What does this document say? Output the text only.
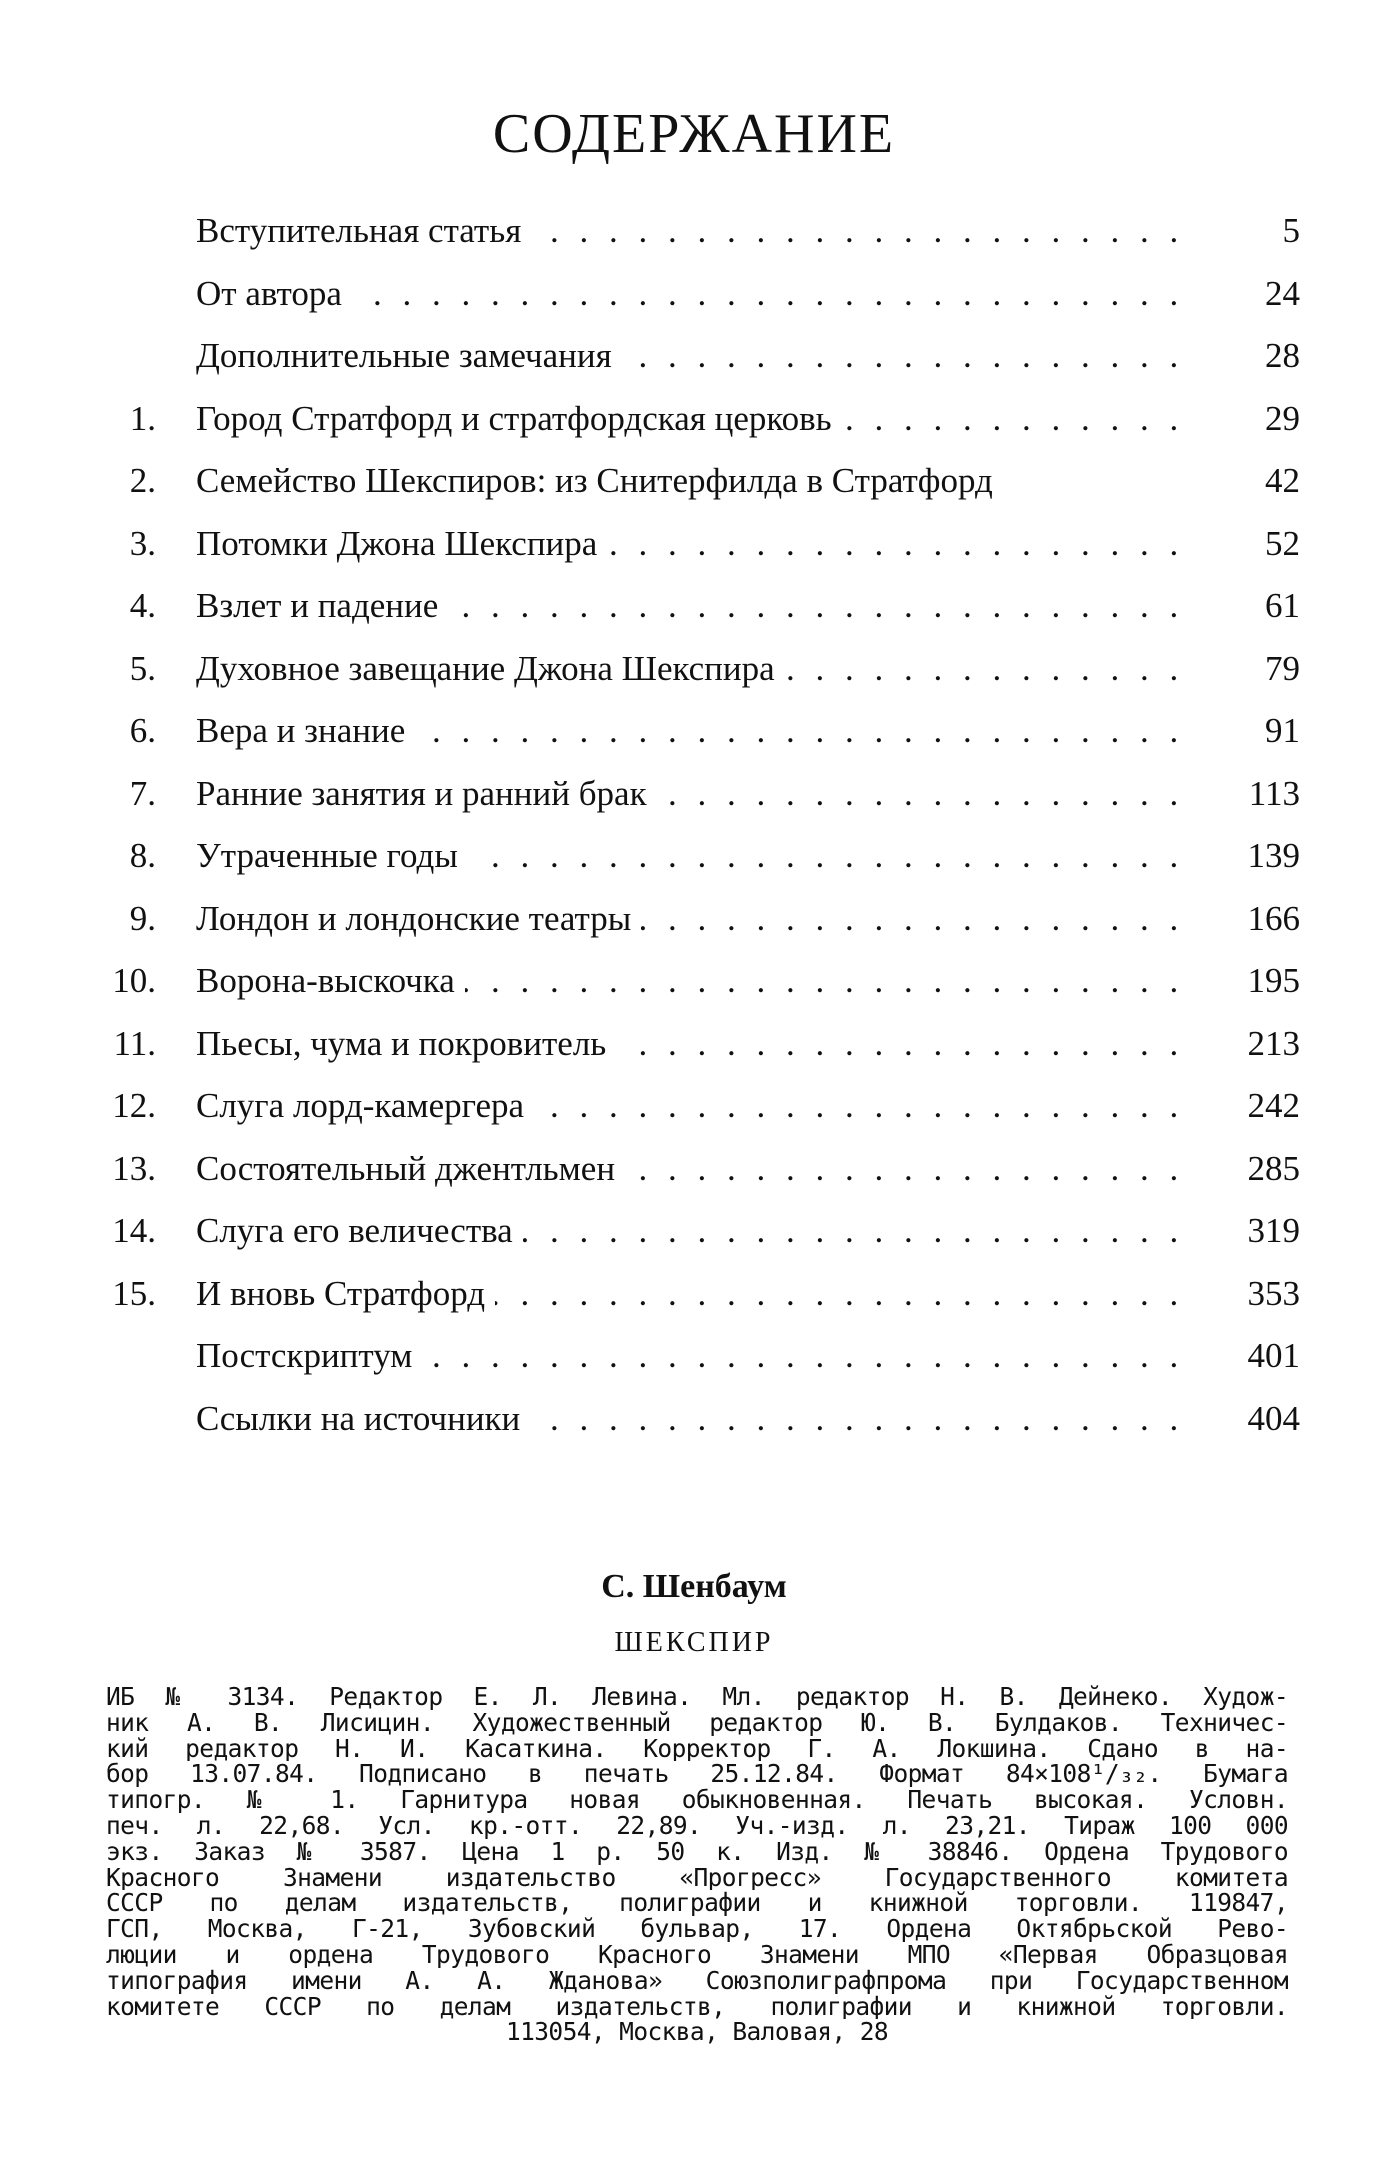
СОДЕРЖАНИЕ
Вступительная статья . . .	5
От автора . . .	24
Дополнительные замечания . . .	28
1. Город Стратфорд и стратфордская церковь . . .	29
2. Семейство Шекспиров: из Снитерфилда в Стратфорд	42
3. Потомки Джона Шекспира . . .	52
4. Взлет и падение . . .	61
5. Духовное завещание Джона Шекспира . . .	79
6. Вера и знание . . .	91
7. Ранние занятия и ранний брак . . .	113
8. Утраченные годы . . .	139
9. Лондон и лондонские театры . . .	166
10. Ворона-выскочка . . .	195
11. Пьесы, чума и покровитель . . .	213
12. Слуга лорд-камергера . . .	242
13. Состоятельный джентльмен . . .	285
14. Слуга его величества . . .	319
15. И вновь Стратфорд . . .	353
Постскриптум . . .	401
Ссылки на источники . . .	404
С. Шенбаум
ШЕКСПИР
ИБ № 3134. Редактор Е. Л. Левина. Мл. редактор Н. В. Дейнеко. Худож-
ник А. В. Лисицин. Художественный редактор Ю. В. Булдаков. Техничес-
кий редактор Н. И. Касаткина. Корректор Г. А. Локшина. Сдано в на-
бор 13.07.84. Подписано в печать 25.12.84. Формат 84×108¹/₃₂. Бумага
типогр. № 1. Гарнитура новая обыкновенная. Печать высокая. Условн.
печ. л. 22,68. Усл. кр.-отт. 22,89. Уч.-изд. л. 23,21. Тираж 100 000
экз. Заказ № 3587. Цена 1 р. 50 к. Изд. № 38846. Ордена Трудового
Красного Знамени издательство «Прогресс» Государственного комитета
СССР по делам издательств, полиграфии и книжной торговли. 119847,
ГСП, Москва, Г-21, Зубовский бульвар, 17. Ордена Октябрьской Рево-
люции и ордена Трудового Красного Знамени МПО «Первая Образцовая
типография имени А. А. Жданова» Союзполиграфпрома при Государственном
комитете СССР по делам издательств, полиграфии и книжной торговли.
113054, Москва, Валовая, 28
